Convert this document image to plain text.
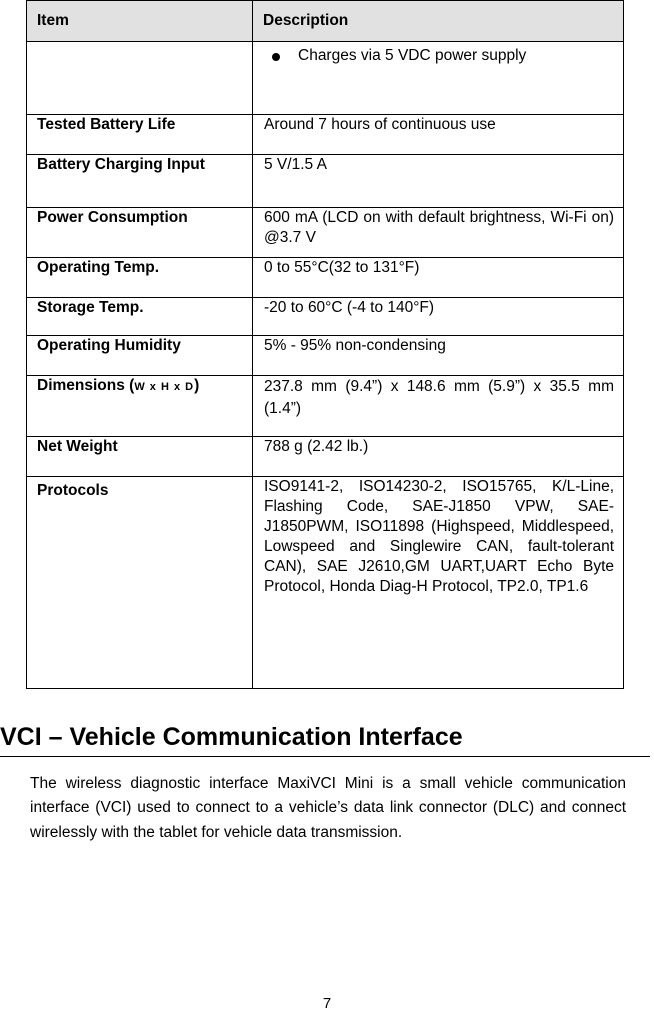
Item	Description

	Charges via 5 VDC power supply

Tested Battery Life	Around 7 hours of continuous use
Battery Charging Input	5 V/1.5 A
Power Consumption	600 mA (LCD on with default brightness, Wi-Fi on) @3.7 V
Operating Temp.	0 to 55°C(32 to 131°F)
Storage Temp.	-20 to 60°C (-4 to 140°F)
Operating Humidity	5% - 95% non-condensing
Dimensions (W x H x D)	237.8 mm (9.4”) x 148.6 mm (5.9”) x 35.5 mm (1.4”)
Net Weight	788 g (2.42 lb.)
Protocols	ISO9141-2, ISO14230-2, ISO15765, K/L-Line, Flashing Code, SAE-J1850 VPW, SAE-J1850PWM, ISO11898 (Highspeed, Middlespeed, Lowspeed and Singlewire CAN, fault-tolerant CAN), SAE J2610,GM UART,UART Echo Byte Protocol, Honda Diag-H Protocol, TP2.0, TP1.6
VCI – Vehicle Communication Interface

The wireless diagnostic interface MaxiVCI Mini is a small vehicle communication interface (VCI) used to connect to a vehicle’s data link connector (DLC) and connect wirelessly with the tablet for vehicle data transmission.

7
